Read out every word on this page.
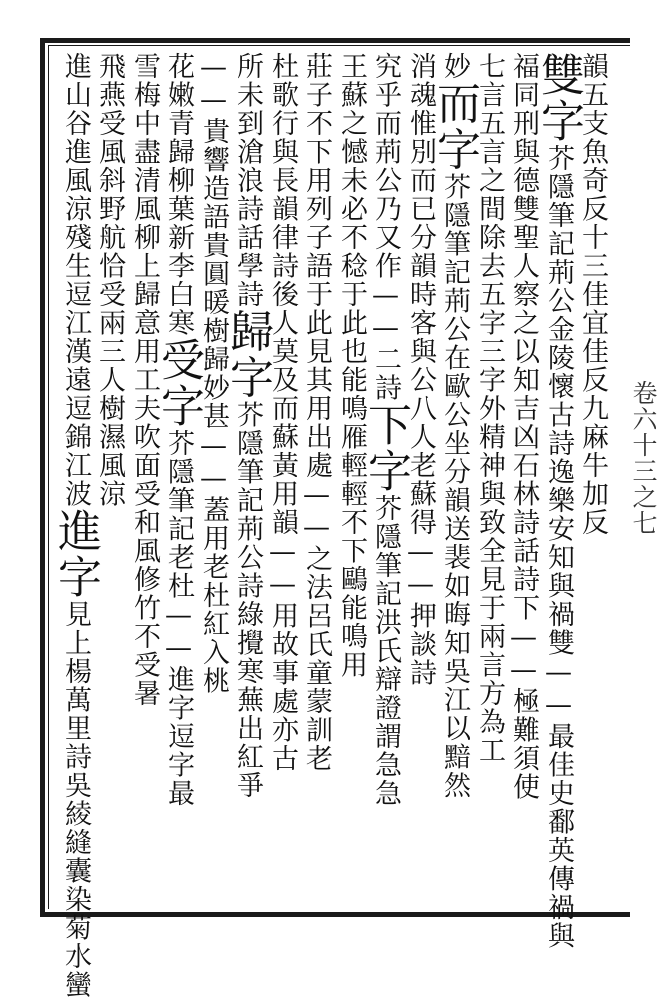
韻五支魚奇反十三佳宜佳反九麻牛加反
雙字芥隱筆記荊公金陵懷古詩逸樂安知與禍雙——最佳史鄱英傳禍與
福同刑與德雙聖人察之以知吉凶石林詩話詩下——極難須使
七言五言之間除去五字三字外精神與致全見于兩言方為工
妙而字芥隱筆記荊公在歐公坐分韻送裴如晦知吳江以黯然
消魂惟別而已分韻時客與公八人老蘇得——押談詩
究乎而荊公乃又作——二詩下字芥隱筆記洪氏辯證謂急急
王蘇之憾未必不稔于此也能鳴雁輕輕不下鷗能鳴用
莊子不下用列子語于此見其用出處——之法呂氏童蒙訓老
杜歌行與長韻律詩後人莫及而蘇黃用韻——用故事處亦古
所未到滄浪詩話學詩歸字芥隱筆記荊公詩綠攪寒蕪出紅爭
——貴響造語貴圓暖樹歸妙甚——蓋用老杜紅入桃
花嫩青歸柳葉新李白寒受字芥隱筆記老杜——進字逗字最
雪梅中盡清風柳上歸意用工夫吹面受和風修竹不受暑
飛燕受風斜野航恰受兩三人樹濕風涼
進山谷進風涼殘生逗江漢遠逗錦江波進字見上楊萬里詩吳綾縫囊染菊水蠻
卷六十三之七
